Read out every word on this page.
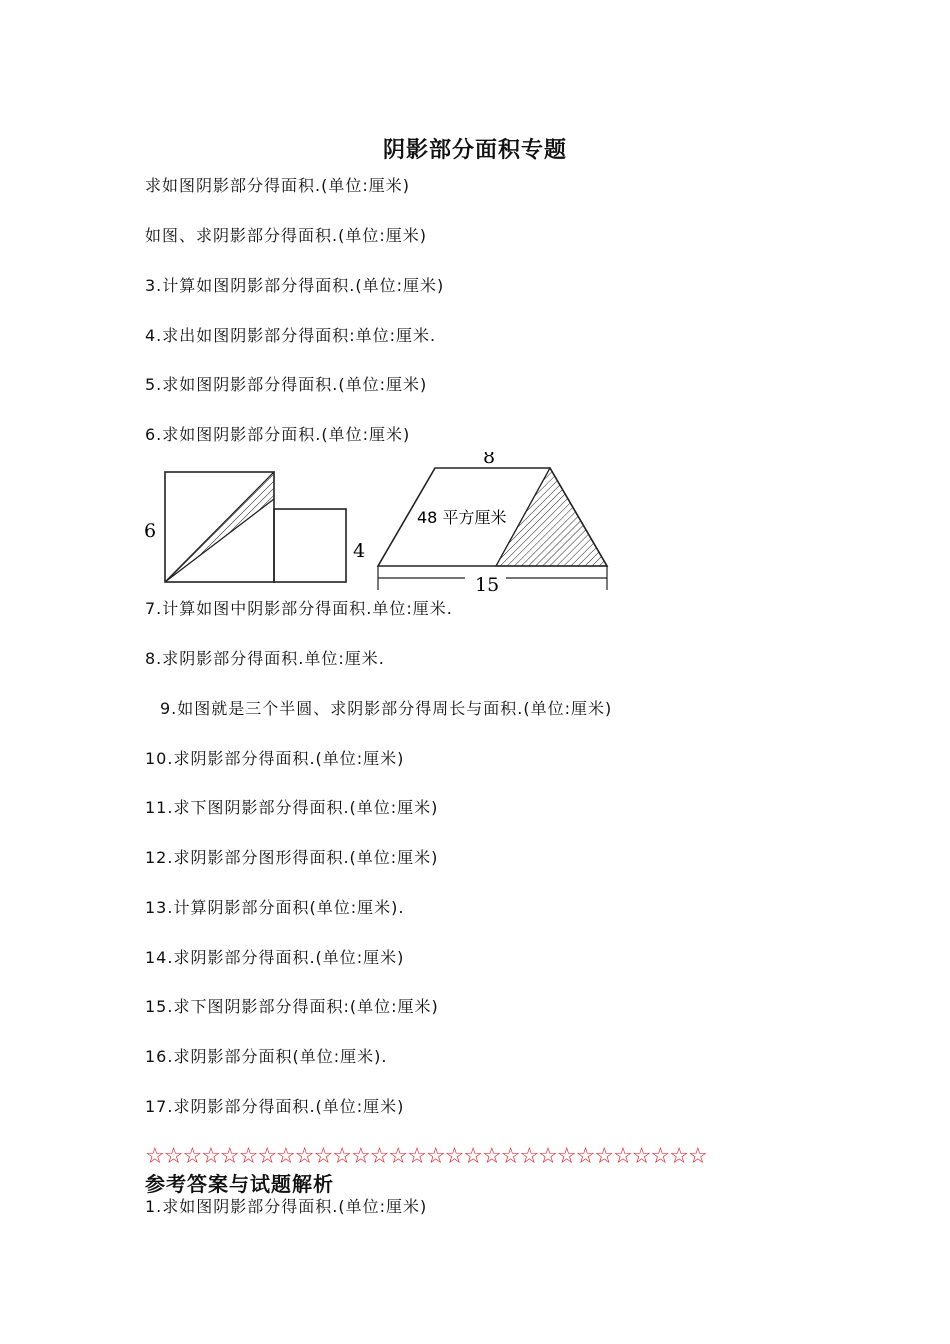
阴影部分面积专题
求如图阴影部分得面积.(单位:厘米)
如图、求阴影部分得面积.(单位:厘米)
3.计算如图阴影部分得面积.(单位:厘米)
4.求出如图阴影部分得面积:单位:厘米.
5.求如图阴影部分得面积.(单位:厘米)
6.求如图阴影部分面积.(单位:厘米)
6
4
8
48 平方厘米
15
7.计算如图中阴影部分得面积.单位:厘米.
8.求阴影部分得面积.单位:厘米.
9.如图就是三个半圆、求阴影部分得周长与面积.(单位:厘米)
10.求阴影部分得面积.(单位:厘米)
11.求下图阴影部分得面积.(单位:厘米)
12.求阴影部分图形得面积.(单位:厘米)
13.计算阴影部分面积(单位:厘米).
14.求阴影部分得面积.(单位:厘米)
15.求下图阴影部分得面积:(单位:厘米)
16.求阴影部分面积(单位:厘米).
17.求阴影部分得面积.(单位:厘米)
☆☆☆☆☆☆☆☆☆☆☆☆☆☆☆☆☆☆☆☆☆☆☆☆☆☆☆☆☆☆
参考答案与试题解析
1.求如图阴影部分得面积.(单位:厘米)
